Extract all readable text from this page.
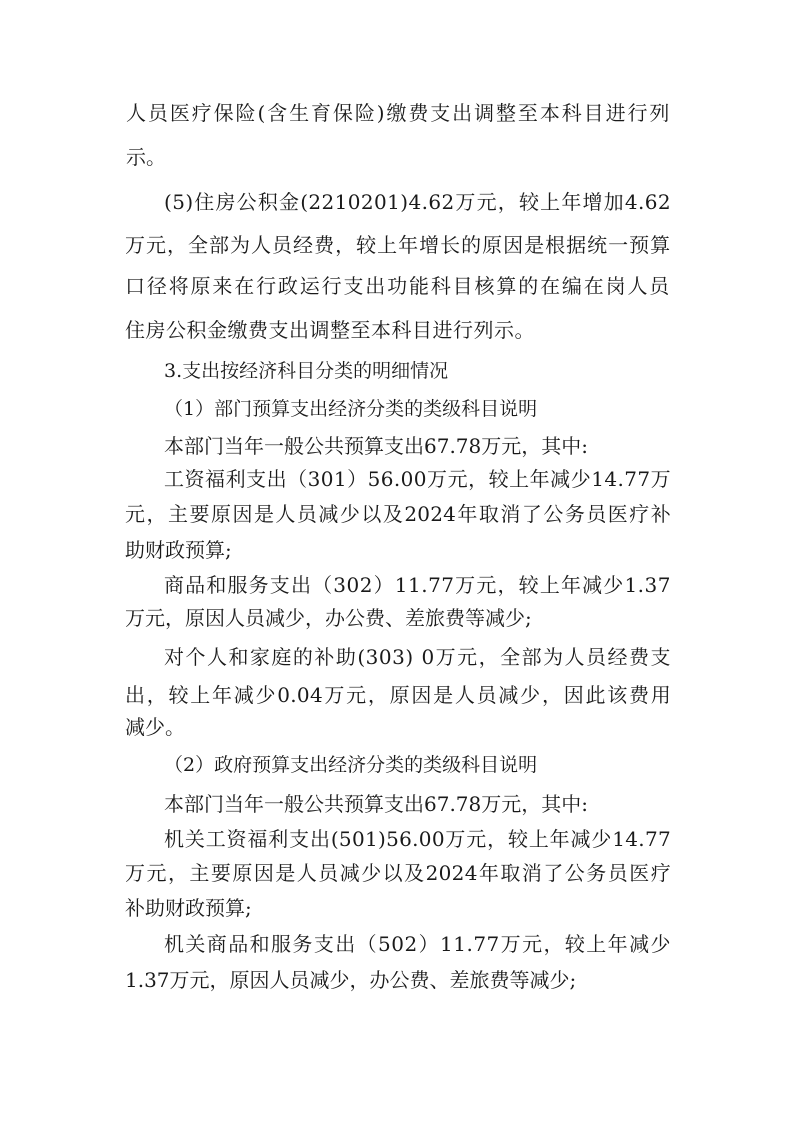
人员医疗保险(含生育保险)缴费支出调整至本科目进行列
示。
(5)住房公积金(2210201)4.62万元，较上年增加4.62
万元，全部为人员经费，较上年增长的原因是根据统一预算
口径将原来在行政运行支出功能科目核算的在编在岗人员
住房公积金缴费支出调整至本科目进行列示。
3.支出按经济科目分类的明细情况
（1）部门预算支出经济分类的类级科目说明
本部门当年一般公共预算支出67.78万元，其中:
工资福利支出（301）56.00万元，较上年减少14.77万
元，主要原因是人员减少以及2024年取消了公务员医疗补
助财政预算;
商品和服务支出（302）11.77万元，较上年减少1.37
万元，原因人员减少，办公费、差旅费等减少;
对个人和家庭的补助(303) 0万元，全部为人员经费支
出，较上年减少0.04万元，原因是人员减少，因此该费用
减少。
（2）政府预算支出经济分类的类级科目说明
本部门当年一般公共预算支出67.78万元，其中:
机关工资福利支出(501)56.00万元，较上年减少14.77
万元，主要原因是人员减少以及2024年取消了公务员医疗
补助财政预算;
机关商品和服务支出（502）11.77万元，较上年减少
1.37万元，原因人员减少，办公费、差旅费等减少;
